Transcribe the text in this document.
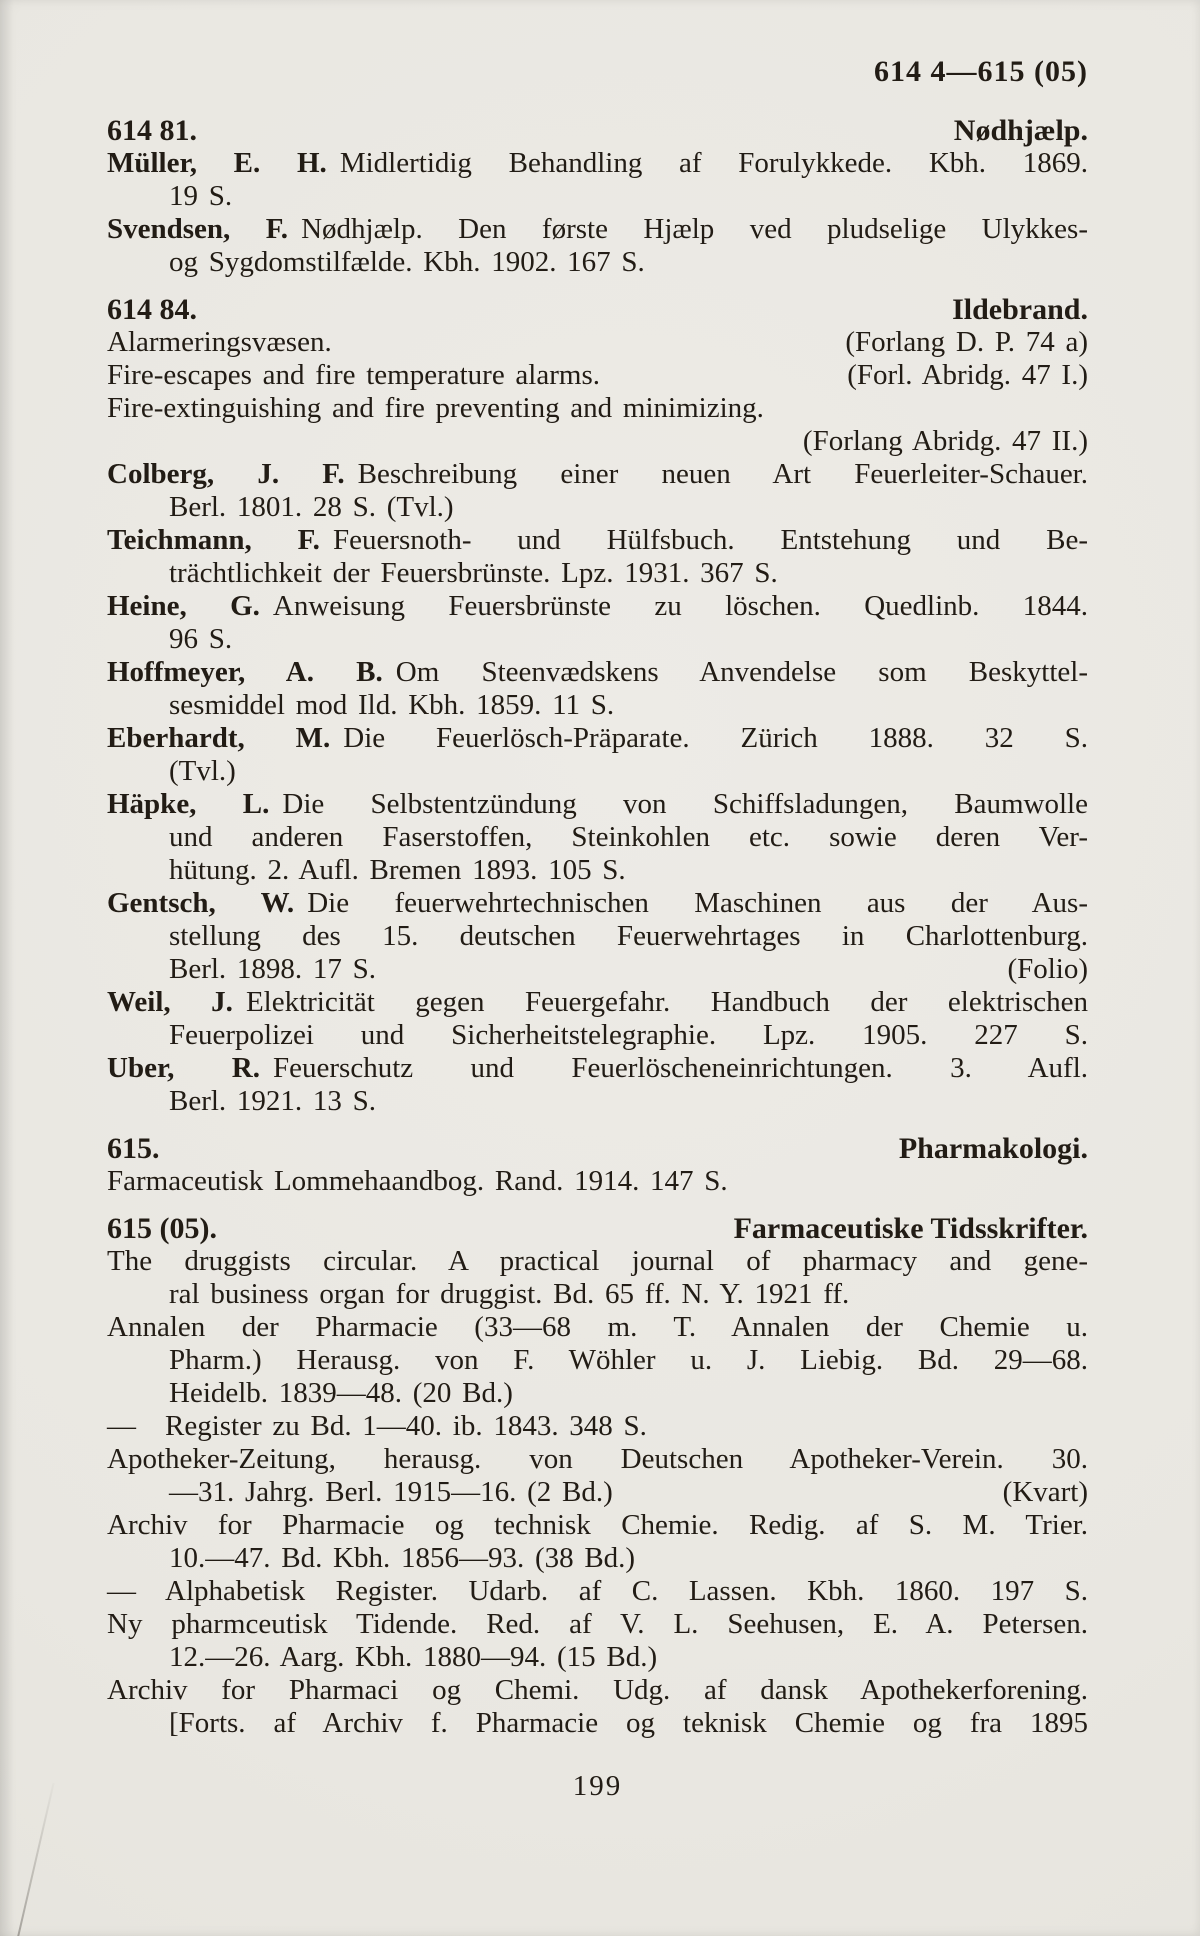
614 4—615 (05)
614 81.	Nødhjælp.
Müller, E. H. Midlertidig Behandling af Forulykkede. Kbh. 1869.
19 S.
Svendsen, F. Nødhjælp. Den første Hjælp ved pludselige Ulykkes-
og Sygdomstilfælde. Kbh. 1902. 167 S.
614 84.	Ildebrand.
Alarmeringsvæsen.	(Forlang D. P. 74 a)
Fire-escapes and fire temperature alarms.	(Forl. Abridg. 47 I.)
Fire-extinguishing and fire preventing and minimizing.
(Forlang Abridg. 47 II.)
Colberg, J. F. Beschreibung einer neuen Art Feuerleiter-Schauer.
Berl. 1801. 28 S. (Tvl.)
Teichmann, F. Feuersnoth- und Hülfsbuch. Entstehung und Be-
trächtlichkeit der Feuersbrünste. Lpz. 1931. 367 S.
Heine, G. Anweisung Feuersbrünste zu löschen. Quedlinb. 1844.
96 S.
Hoffmeyer, A. B. Om Steenvædskens Anvendelse som Beskyttel-
sesmiddel mod Ild. Kbh. 1859. 11 S.
Eberhardt, M. Die Feuerlösch-Präparate. Zürich 1888. 32 S.
(Tvl.)
Häpke, L. Die Selbstentzündung von Schiffsladungen, Baumwolle
und anderen Faserstoffen, Steinkohlen etc. sowie deren Ver-
hütung. 2. Aufl. Bremen 1893. 105 S.
Gentsch, W. Die feuerwehrtechnischen Maschinen aus der Aus-
stellung des 15. deutschen Feuerwehrtages in Charlottenburg.
Berl. 1898. 17 S.	(Folio)
Weil, J. Elektricität gegen Feuergefahr. Handbuch der elektrischen
Feuerpolizei und Sicherheitstelegraphie. Lpz. 1905. 227 S.
Uber, R. Feuerschutz und Feuerlöscheneinrichtungen. 3. Aufl.
Berl. 1921. 13 S.
615.	Pharmakologi.
Farmaceutisk Lommehaandbog. Rand. 1914. 147 S.
615 (05).	Farmaceutiske Tidsskrifter.
The druggists circular. A practical journal of pharmacy and gene-
ral business organ for druggist. Bd. 65 ff. N. Y. 1921 ff.
Annalen der Pharmacie (33—68 m. T. Annalen der Chemie u.
Pharm.) Herausg. von F. Wöhler u. J. Liebig. Bd. 29—68.
Heidelb. 1839—48. (20 Bd.)
— Register zu Bd. 1—40. ib. 1843. 348 S.
Apotheker-Zeitung, herausg. von Deutschen Apotheker-Verein. 30.
—31. Jahrg. Berl. 1915—16. (2 Bd.)	(Kvart)
Archiv for Pharmacie og technisk Chemie. Redig. af S. M. Trier.
10.—47. Bd. Kbh. 1856—93. (38 Bd.)
— Alphabetisk Register. Udarb. af C. Lassen. Kbh. 1860. 197 S.
Ny pharmceutisk Tidende. Red. af V. L. Seehusen, E. A. Petersen.
12.—26. Aarg. Kbh. 1880—94. (15 Bd.)
Archiv for Pharmaci og Chemi. Udg. af dansk Apothekerforening.
[Forts. af Archiv f. Pharmacie og teknisk Chemie og fra 1895
199
